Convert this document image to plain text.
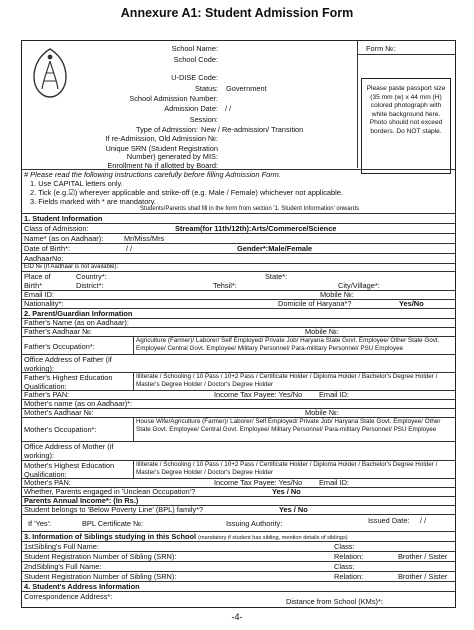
Annexure A1: Student Admission Form
Form №:
Please paste passport size (35 mm (w) x 44 mm (H) colored photograph with white background here. Photo should not exceed borders. Do NOT staple.
School Name:
School Code:
U-DISE Code:
Status: Government
School Admission Number:
Admission Date: / /
Session:
Type of Admission: New / Re-admission/ Transition
If re-Admission, Old Admission №:
Unique SRN (Student Registration
Number) generated by MIS:
Enrollment № if allotted by Board:
# Please read the following instructions carefully before filling Admission Form.
1. Use CAPITAL letters only.
2. Tick (e.g.☑) wherever applicable and strike-off (e.g. Male / Female) whichever not applicable.
3. Fields marked with * are mandatory.
Students/Parents shall fill in the form from section '1. Student Information' onwards
1. Student Information
Class of Admission:	Stream(for 11th/12th):Arts/Commerce/Science
Name* (as on Aadhaar):	Mr/Miss/Mrs
Date of Birth*:	/ /	Gender*:Male/Female
AadhaarNo:
EID № (If Aadhaar is not available):
Place of
Birth*
Country*:	State*:
District*:	Tehsil*:	City/Village*:
Email ID:	Mobile №:
Nationality*:	Domicile of Haryana*?	Yes/No
2. Parent/Guardian Information
Father's Name (as on Aadhaar):
Father's Aadhaar №:	Mobile №:
Father's Occupation*:
Agriculture (Farmer)/ Laborer/ Self Employed/ Private Job/ Haryana State Govt. Employee/ Other State Govt. Employee/ Central Govt. Employee/ Military Personnel/ Para-military Personnel/ PSU Employee
Office Address of Father (if working):
Father's Highest Education Qualification:
Illiterate / Schooling / 10 Pass / 10+2 Pass / Certificate Holder / Diploma Holder / Bachelor's Degree Holder / Master's Degree Holder / Doctor's Degree Holder
Father's PAN:	Income Tax Payee: Yes/No Email ID:
Mother's name (as on Aadhaar)*:
Mother's Aadhaar №:	Mobile №:
Mother's Occupation*:
House Wife/Agriculture (Farmer)/ Laborer/ Self Employed/ Private Job/ Haryana State Govt. Employee/ Other State Govt. Employee/ Central Govt. Employee/ Military Personnel/ Para-military Personnel/ PSU Employee
Office Address of Mother (if working):
Mother's Highest Education Qualification:
Illiterate / Schooling / 10 Pass / 10+2 Pass / Certificate Holder / Diploma Holder / Bachelor's Degree Holder / Master's Degree Holder / Doctor's Degree Holder
Mother's PAN:	Income Tax Payee: Yes/No Email ID:
Whether, Parents engaged in 'Unclean Occupation'?	Yes / No
Parents Annual Income*: (In Rs.)
Student belongs to 'Below Poverty Line' (BPL) family*?	Yes / No
If 'Yes':	BPL Certificate №:	Issuing Authority:	Issued Date: / /
3. Information of Siblings studying in this School (mandatory if student has sibling, mention details of siblings)
1stSibling's Full Name:	Class:
Student Registration Number of Sibling (SRN):	Relation:	Brother / Sister
2ndSibling's Full Name:	Class:
Student Registration Number of Sibling (SRN):	Relation:	Brother / Sister
4. Student's Address Information
Correspondence Address*:
Distance from School (KMs)*:
-4-
